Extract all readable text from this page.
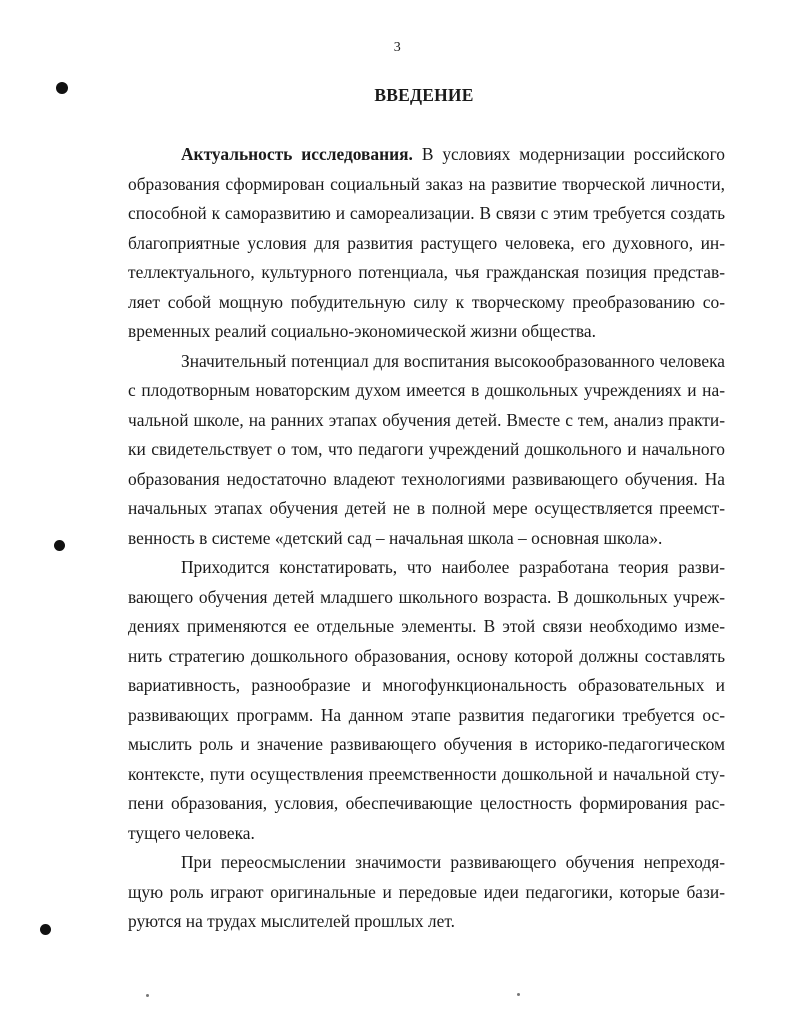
3
ВВЕДЕНИЕ
Актуальность исследования. В условиях модернизации российского
образования сформирован социальный заказ на развитие творческой личности,
способной к саморазвитию и самореализации. В связи с этим требуется создать
благоприятные условия для развития растущего человека, его духовного, ин-
теллектуального, культурного потенциала, чья гражданская позиция представ-
ляет собой мощную побудительную силу к творческому преобразованию со-
временных реалий социально-экономической жизни общества.
Значительный потенциал для воспитания высокообразованного человека
с плодотворным новаторским духом имеется в дошкольных учреждениях и на-
чальной школе, на ранних этапах обучения детей. Вместе с тем, анализ практи-
ки свидетельствует о том, что педагоги учреждений дошкольного и начального
образования недостаточно владеют технологиями развивающего обучения. На
начальных этапах обучения детей не в полной мере осуществляется преемст-
венность в системе «детский сад – начальная школа – основная школа».
Приходится констатировать, что наиболее разработана теория разви-
вающего обучения детей младшего школьного возраста. В дошкольных учреж-
дениях применяются ее отдельные элементы. В этой связи необходимо изме-
нить стратегию дошкольного образования, основу которой должны составлять
вариативность, разнообразие и многофункциональность образовательных и
развивающих программ. На данном этапе развития педагогики требуется ос-
мыслить роль и значение развивающего обучения в историко-педагогическом
контексте, пути осуществления преемственности дошкольной и начальной сту-
пени образования, условия, обеспечивающие целостность формирования рас-
тущего человека.
При переосмыслении значимости развивающего обучения непреходя-
щую роль играют оригинальные и передовые идеи педагогики, которые бази-
руются на трудах мыслителей прошлых лет.
